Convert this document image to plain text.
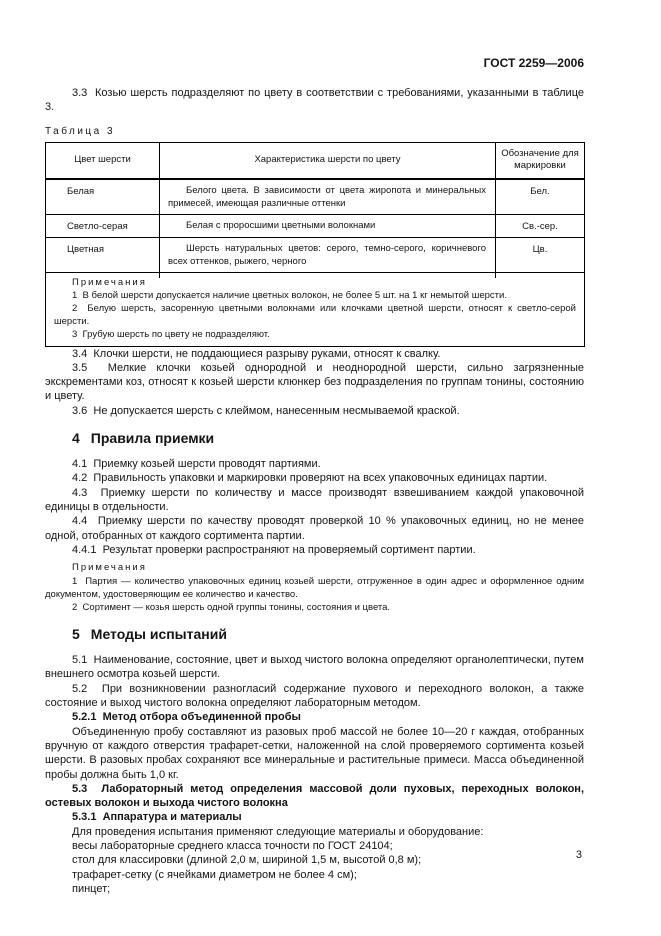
ГОСТ 2259—2006

3.3  Козью шерсть подразделяют по цвету в соответствии с требованиями, указанными в таблице 3.

Таблица 3
Цвет шерсти	Характеристика шерсти по цвету	Обозначение для маркировки
Белая	Белого цвета. В зависимости от цвета жиропота и минеральных примесей, имеющая различные оттенки	Бел.
Светло-серая	Белая с проросшими цветными волокнами	Св.-сер.
Цветная	Шерсть натуральных цветов: серого, темно-серого, коричневого всех оттенков, рыжего, черного	Цв.

Примечания

1  В белой шерсти допускается наличие цветных волокон, не более 5 шт. на 1 кг немытой шерсти.

2  Белую шерсть, засоренную цветными волокнами или клочками цветной шерсти, относят к светло-серой шерсти.

3  Грубую шерсть по цвету не подразделяют.		

3.4  Клочки шерсти, не поддающиеся разрыву руками, относят к свалку.

3.5  Мелкие клочки козьей однородной и неоднородной шерсти, сильно загрязненные экскрементами коз, относят к козьей шерсти клюнкер без подразделения по группам тонины, состоянию и цвету.

3.6  Не допускается шерсть с клеймом, нанесенным несмываемой краской.

4 Правила приемки

4.1  Приемку козьей шерсти проводят партиями.

4.2  Правильность упаковки и маркировки проверяют на всех упаковочных единицах партии.

4.3  Приемку шерсти по количеству и массе производят взвешиванием каждой упаковочной единицы в отдельности.

4.4  Приемку шерсти по качеству проводят проверкой 10 % упаковочных единиц, но не менее одной, отобранных от каждого сортимента партии.

4.4.1  Результат проверки распространяют на проверяемый сортимент партии.

Примечания

1  Партия — количество упаковочных единиц козьей шерсти, отгруженное в один адрес и оформленное одним документом, удостоверяющим ее количество и качество.

2  Сортимент — козья шерсть одной группы тонины, состояния и цвета.

5 Методы испытаний

5.1  Наименование, состояние, цвет и выход чистого волокна определяют органолептически, путем внешнего осмотра козьей шерсти.

5.2  При возникновении разногласий содержание пухового и переходного волокон, а также состояние и выход чистого волокна определяют лабораторным методом.

5.2.1  Метод отбора объединенной пробы

Объединенную пробу составляют из разовых проб массой не более 10—20 г каждая, отобранных вручную от каждого отверстия трафарет-сетки, наложенной на слой проверяемого сортимента козьей шерсти. В разовых пробах сохраняют все минеральные и растительные примеси. Масса объединенной пробы должна быть 1,0 кг.

5.3  Лабораторный метод определения массовой доли пуховых, переходных волокон, остевых волокон и выхода чистого волокна

5.3.1  Аппаратура и материалы

Для проведения испытания применяют следующие материалы и оборудование:

весы лабораторные среднего класса точности по ГОСТ 24104;

стол для классировки (длиной 2,0 м, шириной 1,5 м, высотой 0,8 м);

трафарет-сетку (с ячейками диаметром не более 4 см);

пинцет;

3
